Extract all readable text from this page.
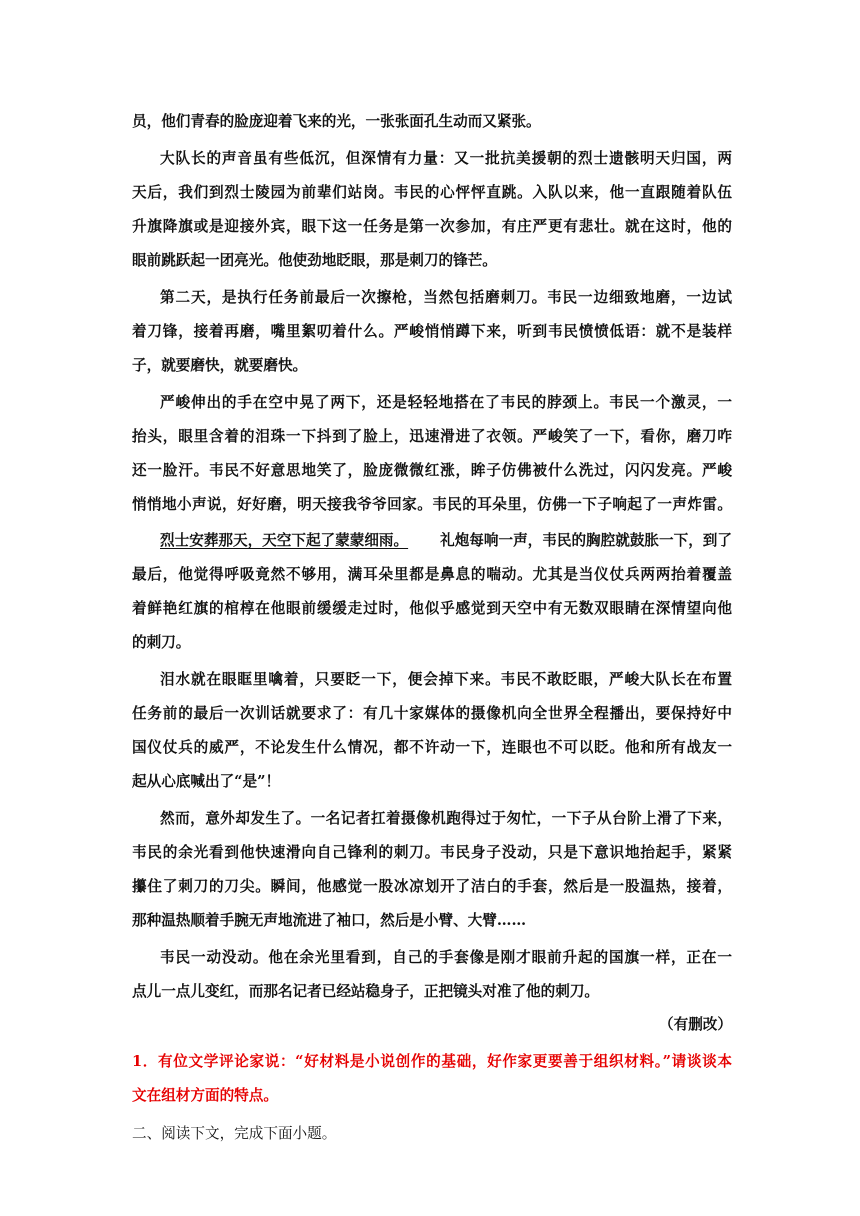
员，他们青春的脸庞迎着飞来的光，一张张面孔生动而又紧张。
大队长的声音虽有些低沉，但深情有力量：又一批抗美援朝的烈士遗骸明天归国，两
天后，我们到烈士陵园为前辈们站岗。韦民的心怦怦直跳。入队以来，他一直跟随着队伍
升旗降旗或是迎接外宾，眼下这一任务是第一次参加，有庄严更有悲壮。就在这时，他的
眼前跳跃起一团亮光。他使劲地眨眼，那是刺刀的锋芒。
第二天，是执行任务前最后一次擦枪，当然包括磨刺刀。韦民一边细致地磨，一边试
着刀锋，接着再磨，嘴里絮叨着什么。严峻悄悄蹲下来，听到韦民愤愤低语：就不是装样
子，就要磨快，就要磨快。
严峻伸出的手在空中晃了两下，还是轻轻地搭在了韦民的脖颈上。韦民一个激灵，一
抬头，眼里含着的泪珠一下抖到了脸上，迅速滑进了衣领。严峻笑了一下，看你，磨刀咋
还一脸汗。韦民不好意思地笑了，脸庞微微红涨，眸子仿佛被什么洗过，闪闪发亮。严峻
悄悄地小声说，好好磨，明天接我爷爷回家。韦民的耳朵里，仿佛一下子响起了一声炸雷。
烈士安葬那天，天空下起了蒙蒙细雨。 礼炮每响一声，韦民的胸腔就鼓胀一下，到了
最后，他觉得呼吸竟然不够用，满耳朵里都是鼻息的喘动。尤其是当仪仗兵两两抬着覆盖
着鲜艳红旗的棺椁在他眼前缓缓走过时，他似乎感觉到天空中有无数双眼睛在深情望向他
的刺刀。
泪水就在眼眶里噙着，只要眨一下，便会掉下来。韦民不敢眨眼，严峻大队长在布置
任务前的最后一次训话就要求了：有几十家媒体的摄像机向全世界全程播出，要保持好中
国仪仗兵的威严，不论发生什么情况，都不许动一下，连眼也不可以眨。他和所有战友一
起从心底喊出了“是”！
然而，意外却发生了。一名记者扛着摄像机跑得过于匆忙，一下子从台阶上滑了下来，
韦民的余光看到他快速滑向自己锋利的刺刀。韦民身子没动，只是下意识地抬起手，紧紧
攥住了刺刀的刀尖。瞬间，他感觉一股冰凉划开了洁白的手套，然后是一股温热，接着，
那种温热顺着手腕无声地流进了袖口，然后是小臂、大臂……
韦民一动没动。他在余光里看到，自己的手套像是刚才眼前升起的国旗一样，正在一
点儿一点儿变红，而那名记者已经站稳身子，正把镜头对准了他的刺刀。
（有删改）
1．有位文学评论家说：“好材料是小说创作的基础，好作家更要善于组织材料。”请谈谈本
文在组材方面的特点。
二、阅读下文，完成下面小题。
